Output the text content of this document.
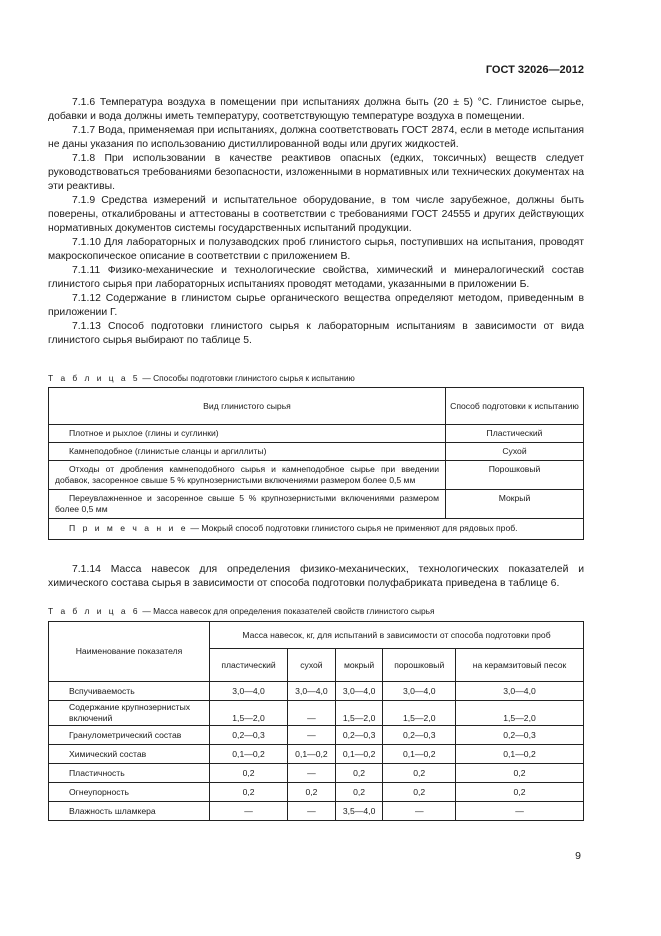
ГОСТ 32026—2012

7.1.6 Температура воздуха в помещении при испытаниях должна быть (20 ± 5) °С. Глинистое сырье, добавки и вода должны иметь температуру, соответствующую температуре воздуха в помещении.

7.1.7 Вода, применяемая при испытаниях, должна соответствовать ГОСТ 2874, если в методе испытания не даны указания по использованию дистиллированной воды или других жидкостей.

7.1.8 При использовании в качестве реактивов опасных (едких, токсичных) веществ следует руководствоваться требованиями безопасности, изложенными в нормативных или технических документах на эти реактивы.

7.1.9 Средства измерений и испытательное оборудование, в том числе зарубежное, должны быть поверены, откалиброваны и аттестованы в соответствии с требованиями ГОСТ 24555 и других действующих нормативных документов системы государственных испытаний продукции.

7.1.10 Для лабораторных и полузаводских проб глинистого сырья, поступивших на испытания, проводят макроскопическое описание в соответствии с приложением В.

7.1.11 Физико-механические и технологические свойства, химический и минералогический состав глинистого сырья при лабораторных испытаниях проводят методами, указанными в приложении Б.

7.1.12 Содержание в глинистом сырье органического вещества определяют методом, приведенным в приложении Г.

7.1.13 Способ подготовки глинистого сырья к лабораторным испытаниям в зависимости от вида глинистого сырья выбирают по таблице 5.

Т а б л и ц а 5 — Способы подготовки глинистого сырья к испытанию

Вид глинистого сырья	Способ подготовки к испытанию

Плотное и рыхлое (глины и суглинки)	Пластический

Камнеподобное (глинистые сланцы и аргиллиты)	Сухой

Отходы от дробления камнеподобного сырья и камнеподобное сырье при введении добавок, засоренное свыше 5 % крупнозернистыми включениями размером более 0,5 мм	Порошковый

Переувлажненное и засоренное свыше 5 % крупнозернистыми включениями размером более 0,5 мм	Мокрый
П р и м е ч а н и е — Мокрый способ подготовки глинистого сырья не применяют для рядовых проб.	

7.1.14 Масса навесок для определения физико-механических, технологических показателей и химического состава сырья в зависимости от способа подготовки полуфабриката приведена в таблице 6.

Т а б л и ц а 6 — Масса навесок для определения показателей свойств глинистого сырья

Наименование показателя	Масса навесок, кг, для испытаний в зависимости от способа подготовки проб				
	пластический	сухой	мокрый	порошковый	на керамзитовый песок
Вспучиваемость	3,0—4,0	3,0—4,0	3,0—4,0	3,0—4,0	3,0—4,0
Содержание крупнозернистых включений	1,5—2,0	—	1,5—2,0	1,5—2,0	1,5—2,0
Гранулометрический состав	0,2—0,3	—	0,2—0,3	0,2—0,3	0,2—0,3
Химический состав	0,1—0,2	0,1—0,2	0,1—0,2	0,1—0,2	0,1—0,2
Пластичность	0,2	—	0,2	0,2	0,2
Огнеупорность	0,2	0,2	0,2	0,2	0,2
Влажность шламкера	—	—	3,5—4,0	—	—
9
